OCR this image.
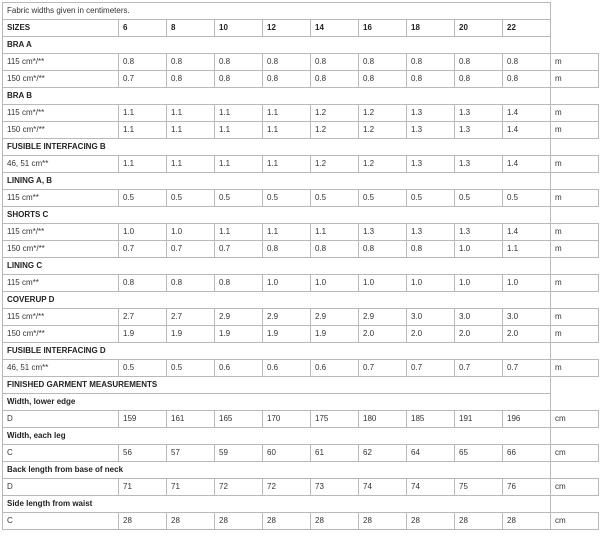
Fabric widths given in centimeters.										
SIZES	6	8	10	12	14	16	18	20	22	
BRA A										
115 cm*/**	0.8	0.8	0.8	0.8	0.8	0.8	0.8	0.8	0.8	m
150 cm*/**	0.7	0.8	0.8	0.8	0.8	0.8	0.8	0.8	0.8	m
BRA B										
115 cm*/**	1.1	1.1	1.1	1.1	1.2	1.2	1.3	1.3	1.4	m
150 cm*/**	1.1	1.1	1.1	1.1	1.2	1.2	1.3	1.3	1.4	m
FUSIBLE INTERFACING B										
46, 51 cm**	1.1	1.1	1.1	1.1	1.2	1.2	1.3	1.3	1.4	m
LINING A, B										
115 cm**	0.5	0.5	0.5	0.5	0.5	0.5	0.5	0.5	0.5	m
SHORTS C										
115 cm*/**	1.0	1.0	1.1	1.1	1.1	1.3	1.3	1.3	1.4	m
150 cm*/**	0.7	0.7	0.7	0.8	0.8	0.8	0.8	1.0	1.1	m
LINING C										
115 cm**	0.8	0.8	0.8	1.0	1.0	1.0	1.0	1.0	1.0	m
COVERUP D										
115 cm*/**	2.7	2.7	2.9	2.9	2.9	2.9	3.0	3.0	3.0	m
150 cm*/**	1.9	1.9	1.9	1.9	1.9	2.0	2.0	2.0	2.0	m
FUSIBLE INTERFACING D										
46, 51 cm**	0.5	0.5	0.6	0.6	0.6	0.7	0.7	0.7	0.7	m
FINISHED GARMENT MEASUREMENTS										
Width, lower edge										
D	159	161	165	170	175	180	185	191	196	cm
Width, each leg										
C	56	57	59	60	61	62	64	65	66	cm
Back length from base of neck										
D	71	71	72	72	73	74	74	75	76	cm
Side length from waist										
C	28	28	28	28	28	28	28	28	28	cm
